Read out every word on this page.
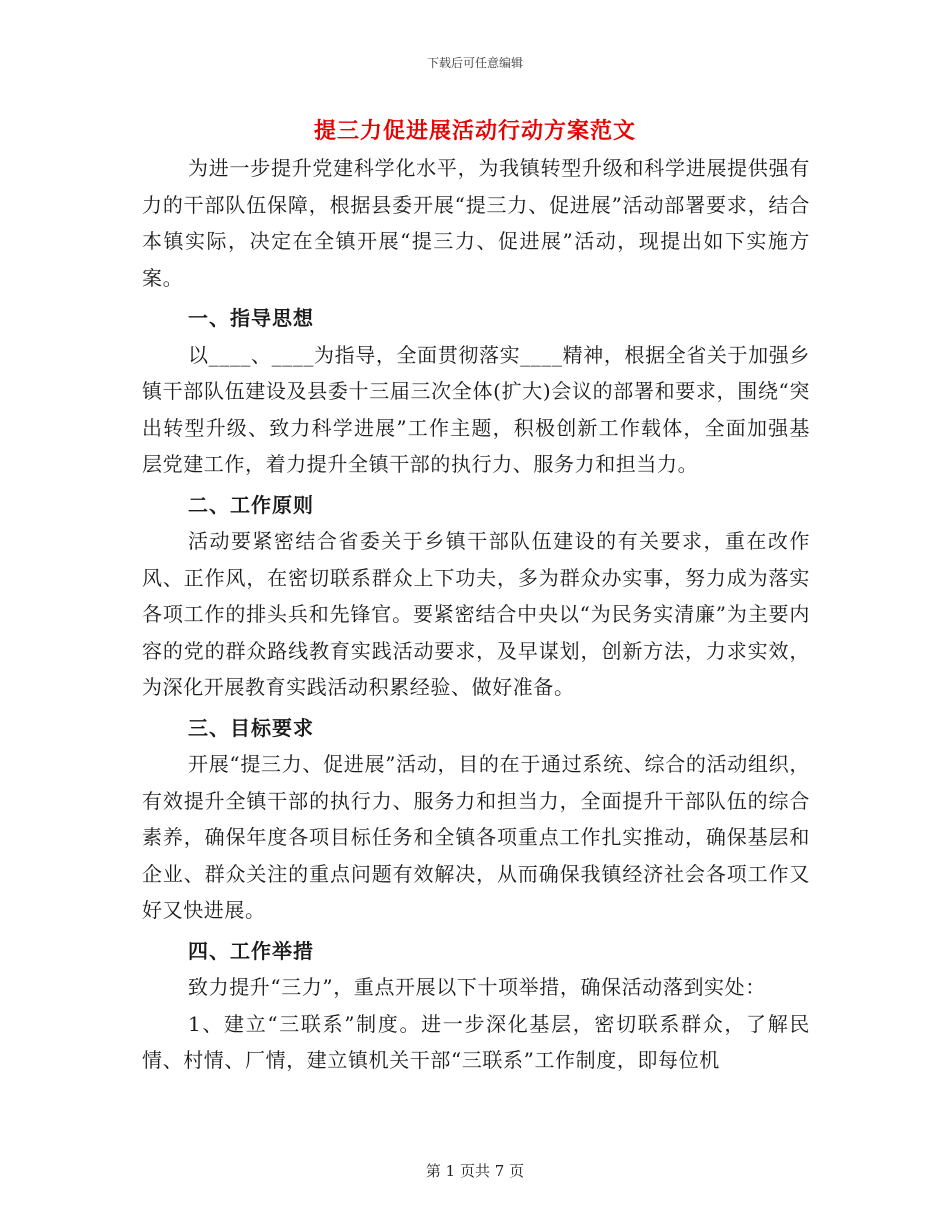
下载后可任意编辑
提三力促进展活动行动方案范文

为进一步提升党建科学化水平，为我镇转型升级和科学进展提供强有力的干部队伍保障，根据县委开展“提三力、促进展”活动部署要求，结合本镇实际，决定在全镇开展“提三力、促进展”活动，现提出如下实施方案。

一、指导思想

以____、____为指导，全面贯彻落实____精神，根据全省关于加强乡镇干部队伍建设及县委十三届三次全体(扩大)会议的部署和要求，围绕“突出转型升级、致力科学进展”工作主题，积极创新工作载体，全面加强基层党建工作，着力提升全镇干部的执行力、服务力和担当力。

二、工作原则

活动要紧密结合省委关于乡镇干部队伍建设的有关要求，重在改作风、正作风，在密切联系群众上下功夫，多为群众办实事，努力成为落实各项工作的排头兵和先锋官。要紧密结合中央以“为民务实清廉”为主要内容的党的群众路线教育实践活动要求，及早谋划，创新方法，力求实效，为深化开展教育实践活动积累经验、做好准备。

三、目标要求

开展“提三力、促进展”活动，目的在于通过系统、综合的活动组织，有效提升全镇干部的执行力、服务力和担当力，全面提升干部队伍的综合素养，确保年度各项目标任务和全镇各项重点工作扎实推动，确保基层和企业、群众关注的重点问题有效解决，从而确保我镇经济社会各项工作又好又快进展。

四、工作举措

致力提升“三力”，重点开展以下十项举措，确保活动落到实处：

1、建立“三联系”制度。进一步深化基层，密切联系群众，了解民情、村情、厂情，建立镇机关干部“三联系”工作制度，即每位机

第 1 页共 7 页
